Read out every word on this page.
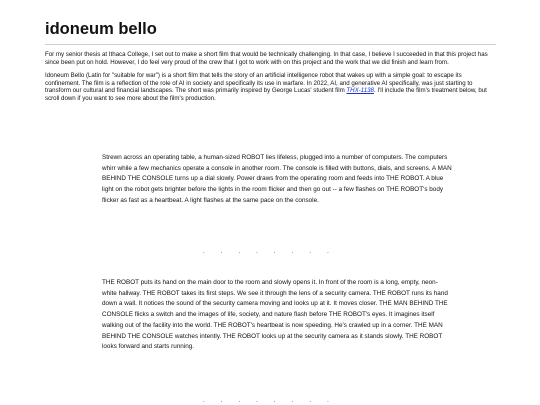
idoneum bello

For my senior thesis at Ithaca College, I set out to make a short film that would be technically challenging. In that case, I believe I succeeded in that this project has since been put on hold. However, I do feel very proud of the crew that I got to work with on this project and the work that we did finish and learn from.

Idoneum Bello (Latin for "suitable for war") is a short film that tells the story of an artificial intelligence robot that wakes up with a simple goal: to escape its confinement. The film is a reflection of the role of AI in society and specifically its use in warfare. In 2022, AI, and generative AI specifically, was just starting to transform our cultural and financial landscapes. The short was primarily inspired by George Lucas' student film THX-1138. I'll include the film's treatment below, but scroll down if you want to see more about the film's production.

Strewn across an operating table, a human-sized ROBOT lies lifeless, plugged into a number of computers. The computers whirr while a few mechanics operate a console in another room. The console is filled with buttons, dials, and screens. A MAN BEHIND THE CONSOLE turns up a dial slowly. Power draws from the operating room and feeds into THE ROBOT. A blue light on the robot gets brighter before the lights in the room flicker and then go out -- a few flashes on THE ROBOT's body flicker as fast as a heartbeat. A light flashes at the same pace on the console.

. . . . . . . .

THE ROBOT puts its hand on the main door to the room and slowly opens it. In front of the room is a long, empty, neon-white hallway. THE ROBOT takes its first steps. We see it through the lens of a security camera. THE ROBOT runs its hand down a wall. It notices the sound of the security camera moving and looks up at it. It moves closer. THE MAN BEHIND THE CONSOLE flicks a switch and the images of life, society, and nature flash before THE ROBOT's eyes. It imagines itself walking out of the facility into the world. THE ROBOT's heartbeat is now speeding. He's crawled up in a corner. THE MAN BEHIND THE CONSOLE watches intently. THE ROBOT looks up at the security camera as it stands slowly. THE ROBOT looks forward and starts running.

. . . . . . . .
